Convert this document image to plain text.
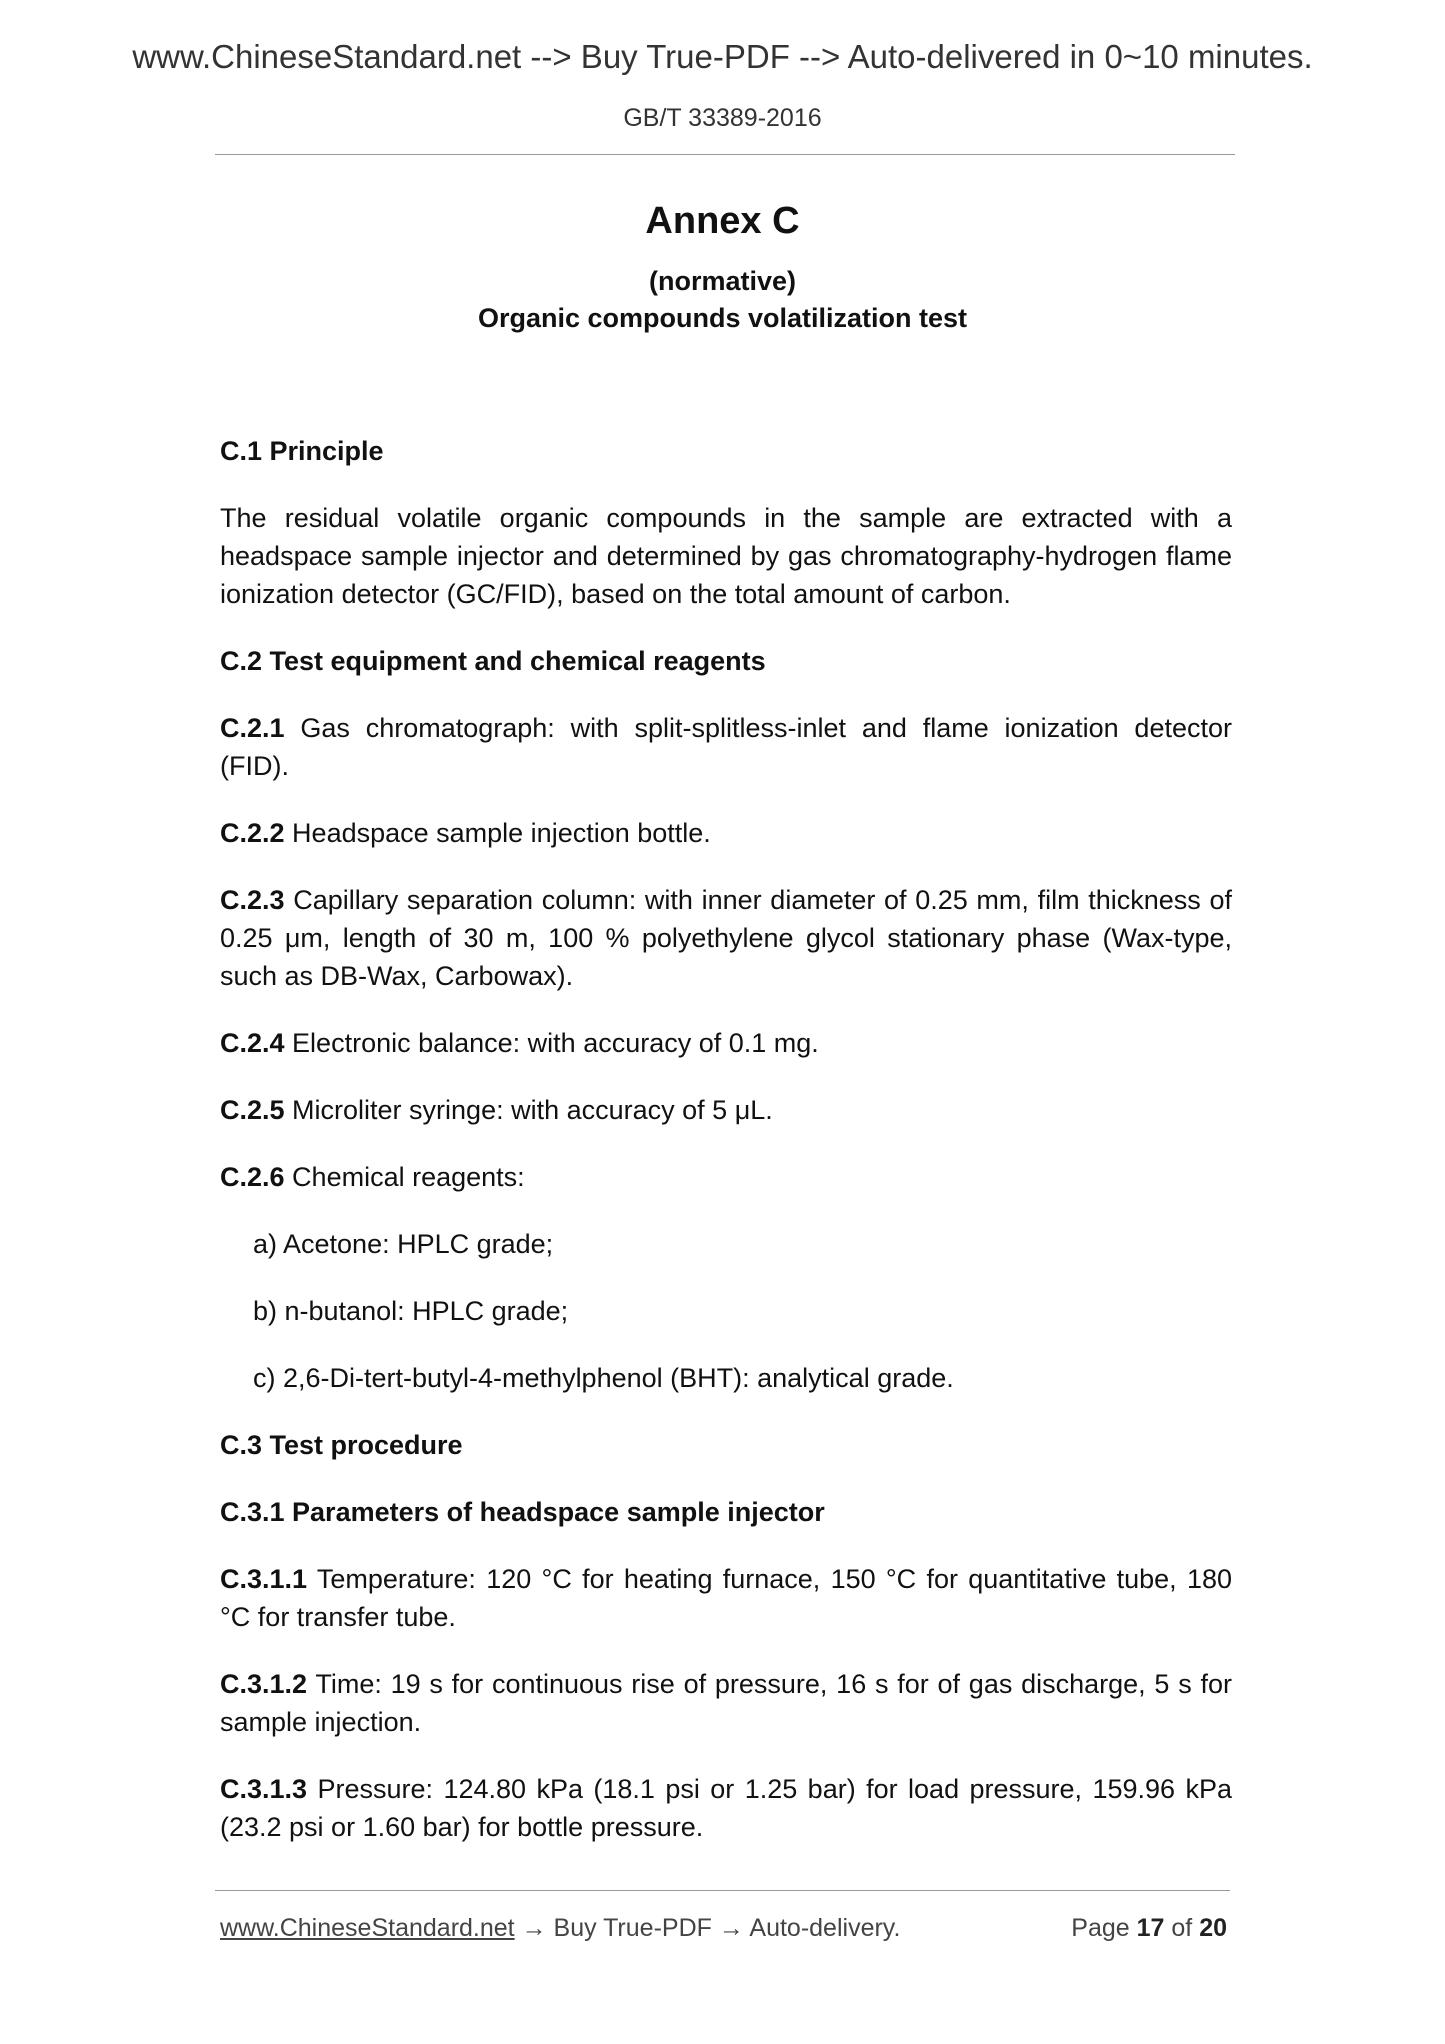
www.ChineseStandard.net --> Buy True-PDF --> Auto-delivered in 0~10 minutes.
GB/T 33389-2016
Annex C
(normative)
Organic compounds volatilization test

C.1 Principle

The residual volatile organic compounds in the sample are extracted with a headspace sample injector and determined by gas chromatography-hydrogen flame ionization detector (GC/FID), based on the total amount of carbon.

C.2 Test equipment and chemical reagents

C.2.1 Gas chromatograph: with split-splitless-inlet and flame ionization detector (FID).

C.2.2 Headspace sample injection bottle.

C.2.3 Capillary separation column: with inner diameter of 0.25 mm, film thickness of 0.25 μm, length of 30 m, 100 % polyethylene glycol stationary phase (Wax-type, such as DB-Wax, Carbowax).

C.2.4 Electronic balance: with accuracy of 0.1 mg.

C.2.5 Microliter syringe: with accuracy of 5 μL.

C.2.6 Chemical reagents:

a) Acetone: HPLC grade;

b) n-butanol: HPLC grade;

c) 2,6-Di-tert-butyl-4-methylphenol (BHT): analytical grade.

C.3 Test procedure

C.3.1 Parameters of headspace sample injector

C.3.1.1 Temperature: 120 °C for heating furnace, 150 °C for quantitative tube, 180 °C for transfer tube.

C.3.1.2 Time: 19 s for continuous rise of pressure, 16 s for of gas discharge, 5 s for sample injection.

C.3.1.3 Pressure: 124.80 kPa (18.1 psi or 1.25 bar) for load pressure, 159.96 kPa (23.2 psi or 1.60 bar) for bottle pressure.

www.ChineseStandard.net → Buy True-PDF → Auto-delivery.	Page 17 of 20
